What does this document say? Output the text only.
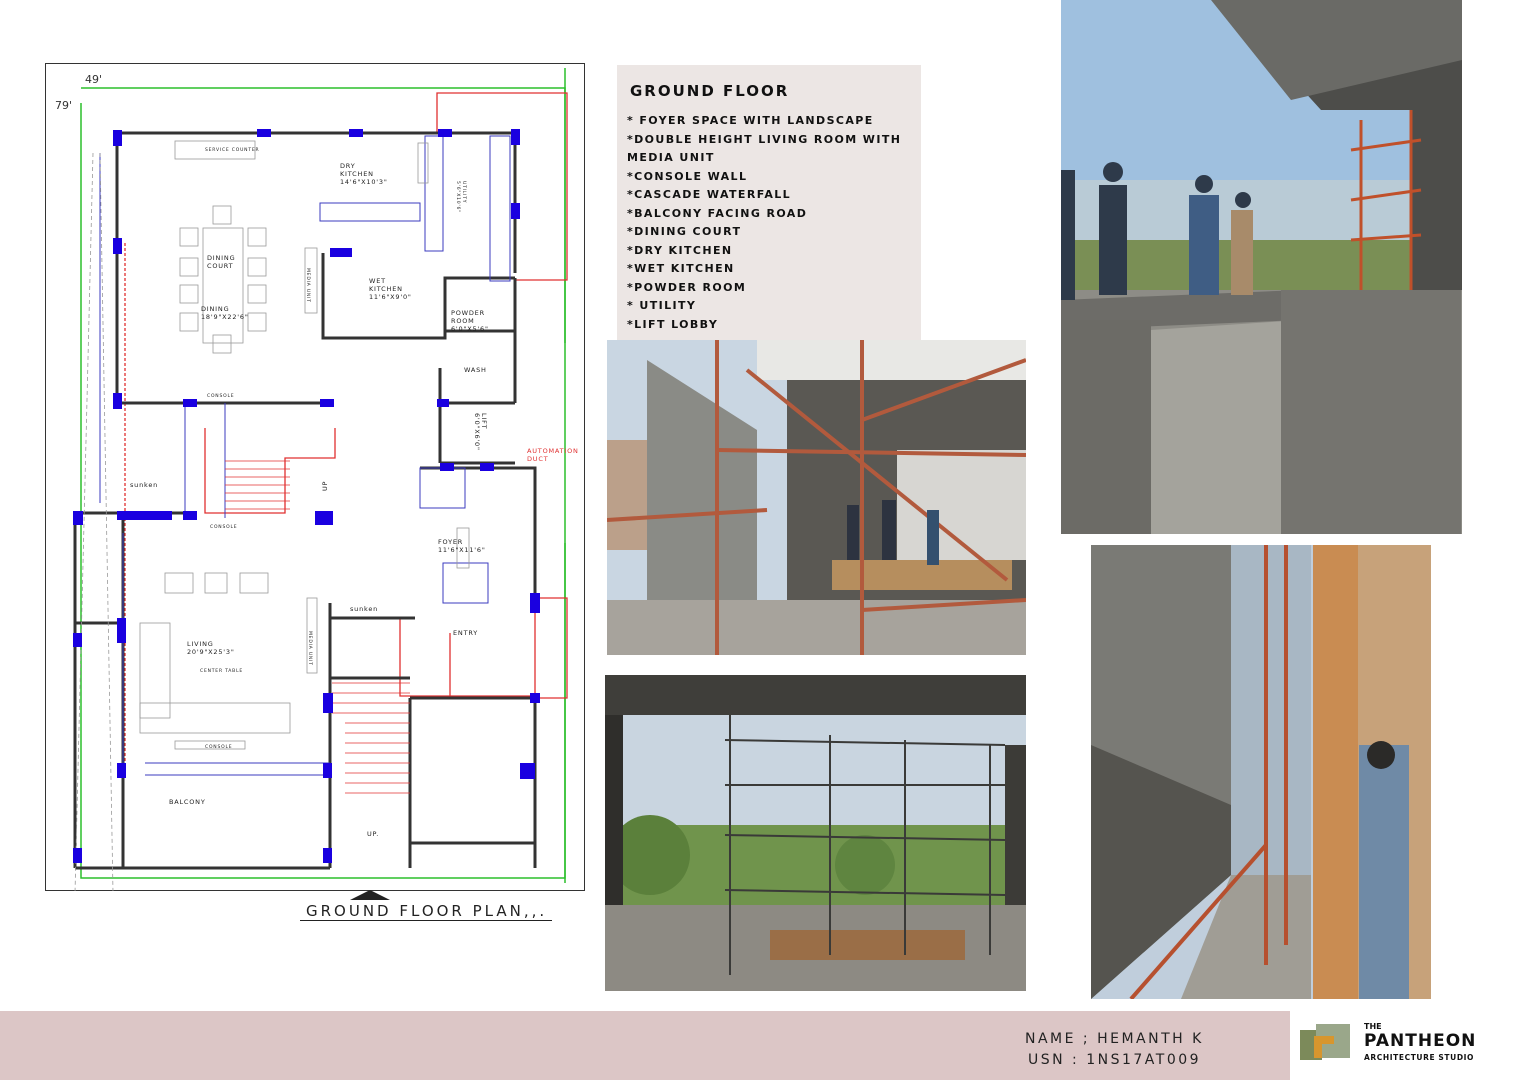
49'
79'
SERVICE COUNTER
DRY
KITCHEN
14'6"X10'3"	UTILITY
5'6"X10'6"
DINING
COURT
MEDIA UNIT	WET
KITCHEN
11'6"X9'0"
DINING
18'9"X22'6"	POWDER
ROOM
6'0"X5'6"
WASH
CONSOLE
LIFT
6'0"X6'0"
AUTOMATION
DUCT
sunken	UP
CONSOLE
FOYER
11'6"X11'6"
sunken
ENTRY
MEDIA UNIT
LIVING
20'9"X25'3"
CENTER TABLE
CONSOLE
BALCONY
UP.
GROUND FLOOR PLAN,,.
GROUND FLOOR
* FOYER SPACE WITH LANDSCAPE
*DOUBLE HEIGHT LIVING ROOM WITH MEDIA UNIT
*CONSOLE WALL
*CASCADE WATERFALL
*BALCONY FACING ROAD
*DINING COURT
*DRY KITCHEN
*WET KITCHEN
*POWDER ROOM
* UTILITY
*LIFT LOBBY
NAME ; HEMANTH K
USN : 1NS17AT009
THE
PANTHEON
ARCHITECTURE STUDIO
